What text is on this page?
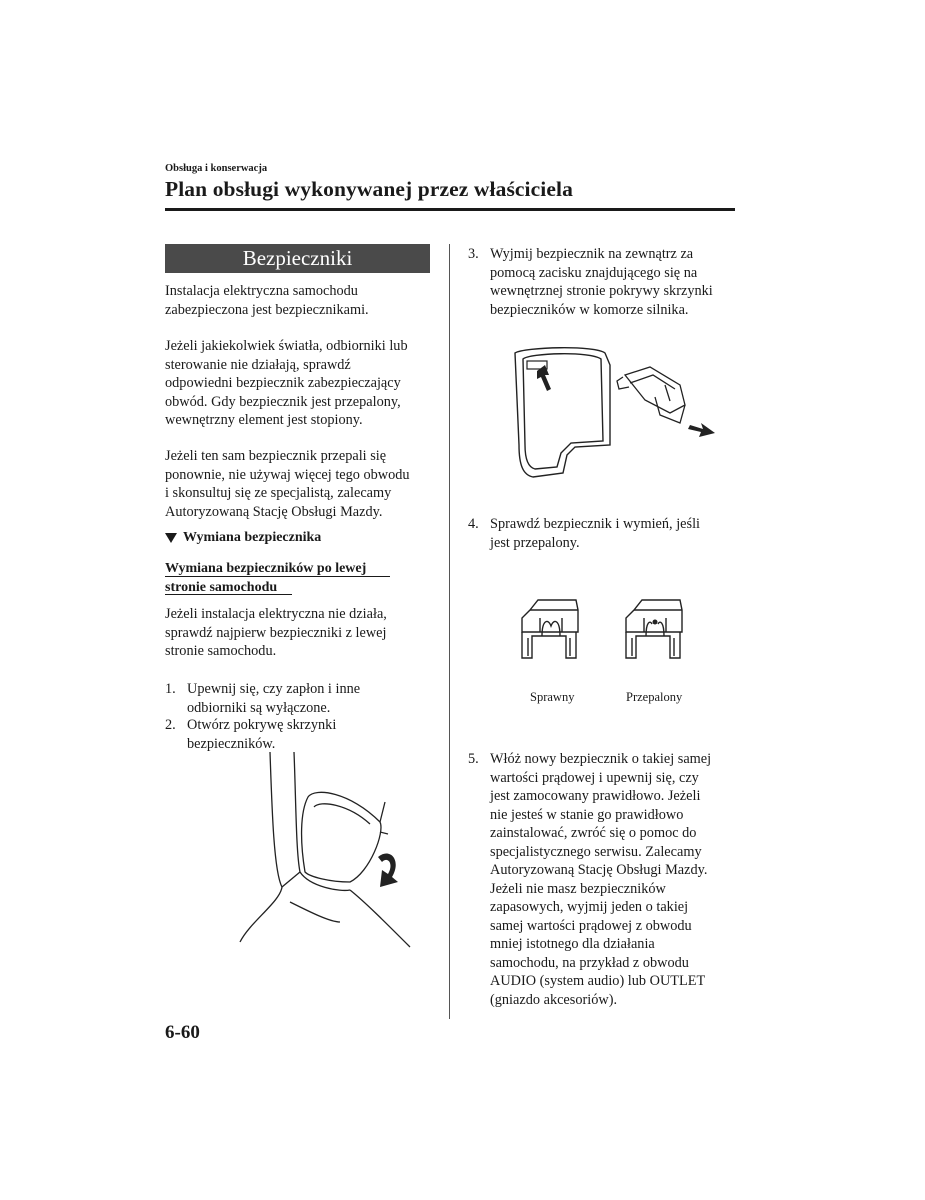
Obsługa i konserwacja
Plan obsługi wykonywanej przez właściciela
Bezpieczniki
Instalacja elektryczna samochodu
zabezpieczona jest bezpiecznikami.
Jeżeli jakiekolwiek światła, odbiorniki lub
sterowanie nie działają, sprawdź
odpowiedni bezpiecznik zabezpieczający
obwód. Gdy bezpiecznik jest przepalony,
wewnętrzny element jest stopiony.
Jeżeli ten sam bezpiecznik przepali się
ponownie, nie używaj więcej tego obwodu
i skonsultuj się ze specjalistą, zalecamy
Autoryzowaną Stację Obsługi Mazdy.
Wymiana bezpiecznika
Wymiana bezpieczników po lewej
stronie samochodu
Jeżeli instalacja elektryczna nie działa,
sprawdź najpierw bezpieczniki z lewej
stronie samochodu.
1. Upewnij się, czy zapłon i inne
odbiorniki są wyłączone.
2. Otwórz pokrywę skrzynki
bezpieczników.
3. Wyjmij bezpiecznik na zewnątrz za
pomocą zacisku znajdującego się na
wewnętrznej stronie pokrywy skrzynki
bezpieczników w komorze silnika.
4. Sprawdź bezpiecznik i wymień, jeśli
jest przepalony.
Sprawny	Przepalony
5. Włóż nowy bezpiecznik o takiej samej
wartości prądowej i upewnij się, czy
jest zamocowany prawidłowo. Jeżeli
nie jesteś w stanie go prawidłowo
zainstalować, zwróć się o pomoc do
specjalistycznego serwisu. Zalecamy
Autoryzowaną Stację Obsługi Mazdy.
Jeżeli nie masz bezpieczników
zapasowych, wyjmij jeden o takiej
samej wartości prądowej z obwodu
mniej istotnego dla działania
samochodu, na przykład z obwodu
AUDIO (system audio) lub OUTLET
(gniazdo akcesoriów).
6-60
